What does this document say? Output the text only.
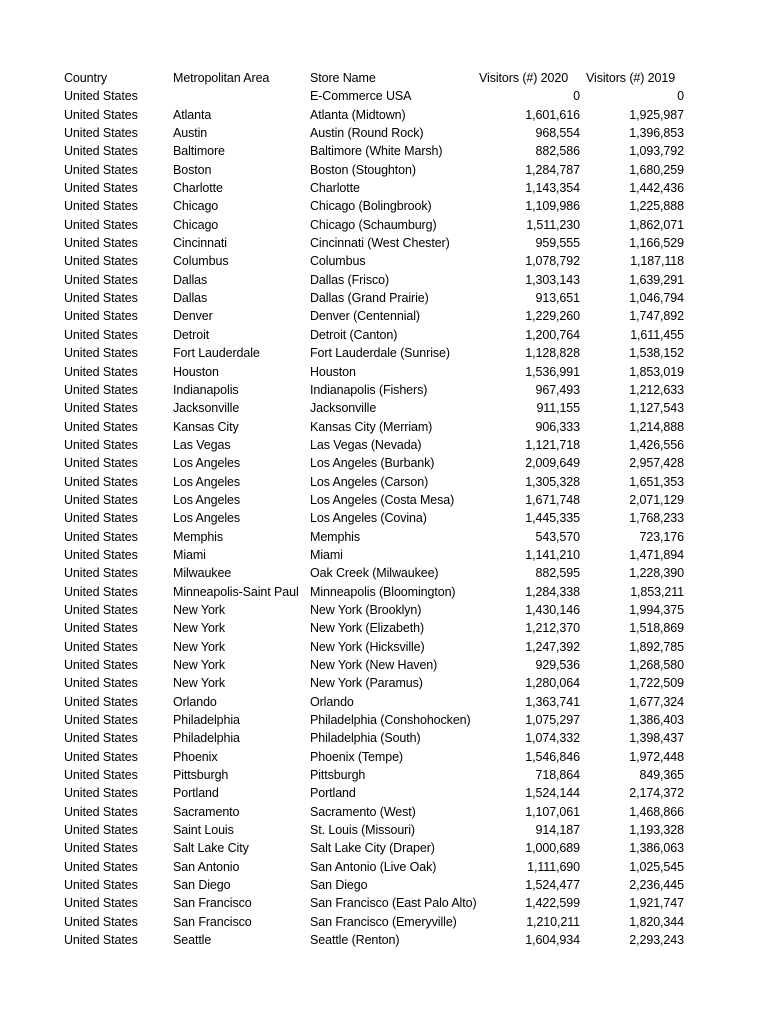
Country	Metropolitan Area	Store Name	Visitors (#) 2020	Visitors (#) 2019
United States		E-Commerce USA	0	0
United States	Atlanta	Atlanta (Midtown)	1,601,616	1,925,987
United States	Austin	Austin (Round Rock)	968,554	1,396,853
United States	Baltimore	Baltimore (White Marsh)	882,586	1,093,792
United States	Boston	Boston (Stoughton)	1,284,787	1,680,259
United States	Charlotte	Charlotte	1,143,354	1,442,436
United States	Chicago	Chicago (Bolingbrook)	1,109,986	1,225,888
United States	Chicago	Chicago (Schaumburg)	1,511,230	1,862,071
United States	Cincinnati	Cincinnati (West Chester)	959,555	1,166,529
United States	Columbus	Columbus	1,078,792	1,187,118
United States	Dallas	Dallas (Frisco)	1,303,143	1,639,291
United States	Dallas	Dallas (Grand Prairie)	913,651	1,046,794
United States	Denver	Denver (Centennial)	1,229,260	1,747,892
United States	Detroit	Detroit (Canton)	1,200,764	1,611,455
United States	Fort Lauderdale	Fort Lauderdale (Sunrise)	1,128,828	1,538,152
United States	Houston	Houston	1,536,991	1,853,019
United States	Indianapolis	Indianapolis (Fishers)	967,493	1,212,633
United States	Jacksonville	Jacksonville	911,155	1,127,543
United States	Kansas City	Kansas City (Merriam)	906,333	1,214,888
United States	Las Vegas	Las Vegas (Nevada)	1,121,718	1,426,556
United States	Los Angeles	Los Angeles (Burbank)	2,009,649	2,957,428
United States	Los Angeles	Los Angeles (Carson)	1,305,328	1,651,353
United States	Los Angeles	Los Angeles (Costa Mesa)	1,671,748	2,071,129
United States	Los Angeles	Los Angeles (Covina)	1,445,335	1,768,233
United States	Memphis	Memphis	543,570	723,176
United States	Miami	Miami	1,141,210	1,471,894
United States	Milwaukee	Oak Creek (Milwaukee)	882,595	1,228,390
United States	Minneapolis-Saint Paul	Minneapolis (Bloomington)	1,284,338	1,853,211
United States	New York	New York (Brooklyn)	1,430,146	1,994,375
United States	New York	New York (Elizabeth)	1,212,370	1,518,869
United States	New York	New York (Hicksville)	1,247,392	1,892,785
United States	New York	New York (New Haven)	929,536	1,268,580
United States	New York	New York (Paramus)	1,280,064	1,722,509
United States	Orlando	Orlando	1,363,741	1,677,324
United States	Philadelphia	Philadelphia (Conshohocken)	1,075,297	1,386,403
United States	Philadelphia	Philadelphia (South)	1,074,332	1,398,437
United States	Phoenix	Phoenix (Tempe)	1,546,846	1,972,448
United States	Pittsburgh	Pittsburgh	718,864	849,365
United States	Portland	Portland	1,524,144	2,174,372
United States	Sacramento	Sacramento (West)	1,107,061	1,468,866
United States	Saint Louis	St. Louis (Missouri)	914,187	1,193,328
United States	Salt Lake City	Salt Lake City (Draper)	1,000,689	1,386,063
United States	San Antonio	San Antonio (Live Oak)	1,111,690	1,025,545
United States	San Diego	San Diego	1,524,477	2,236,445
United States	San Francisco	San Francisco (East Palo Alto)	1,422,599	1,921,747
United States	San Francisco	San Francisco (Emeryville)	1,210,211	1,820,344
United States	Seattle	Seattle (Renton)	1,604,934	2,293,243
